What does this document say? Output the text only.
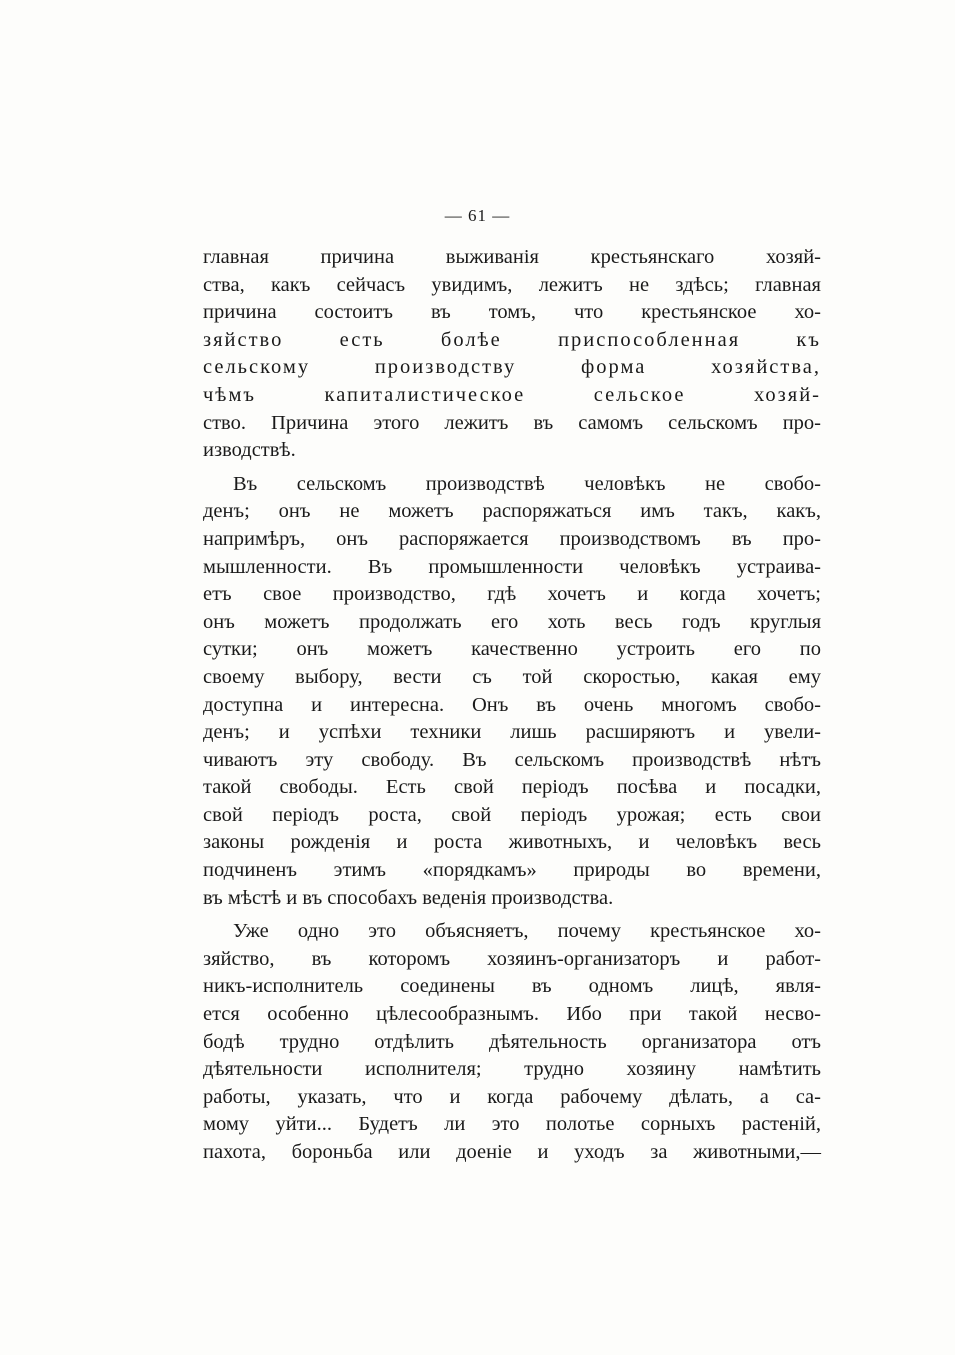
— 61 —
главная причина выживанія крестьянскаго хозяй-
ства, какъ сейчасъ увидимъ, лежитъ не здѣсь; главная
причина состоитъ въ томъ, что крестьянское хо-
зяйство есть болѣе приспособленная къ
сельскому производству форма хозяйства,
чѣмъ капиталистическое сельское хозяй-
ство. Причина этого лежитъ въ самомъ сельскомъ про-
изводствѣ.
Въ сельскомъ производствѣ человѣкъ не свобо-
денъ; онъ не можетъ распоряжаться имъ такъ, какъ,
напримѣръ, онъ распоряжается производствомъ въ про-
мышленности. Въ промышленности человѣкъ устраива-
етъ свое производство, гдѣ хочетъ и когда хочетъ;
онъ можетъ продолжать его хоть весь годъ круглыя
сутки; онъ можетъ качественно устроить его по
своему выбору, вести съ той скоростью, какая ему
доступна и интересна. Онъ въ очень многомъ свобо-
денъ; и успѣхи техники лишь расширяютъ и увели-
чиваютъ эту свободу. Въ сельскомъ производствѣ нѣтъ
такой свободы. Есть свой періодъ посѣва и посадки,
свой періодъ роста, свой періодъ урожая; есть свои
законы рожденія и роста животныхъ, и человѣкъ весь
подчиненъ этимъ «порядкамъ» природы во времени,
въ мѣстѣ и въ способахъ веденія производства.
Уже одно это объясняетъ, почему крестьянское хо-
зяйство, въ которомъ хозяинъ-организаторъ и работ-
никъ-исполнитель соединены въ одномъ лицѣ, явля-
ется особенно цѣлесообразнымъ. Ибо при такой несво-
бодѣ трудно отдѣлить дѣятельность организатора отъ
дѣятельности исполнителя; трудно хозяину намѣтить
работы, указать, что и когда рабочему дѣлать, а са-
мому уйти... Будетъ ли это полотье сорныхъ растеній,
пахота, бороньба или доеніе и уходъ за животными,—
